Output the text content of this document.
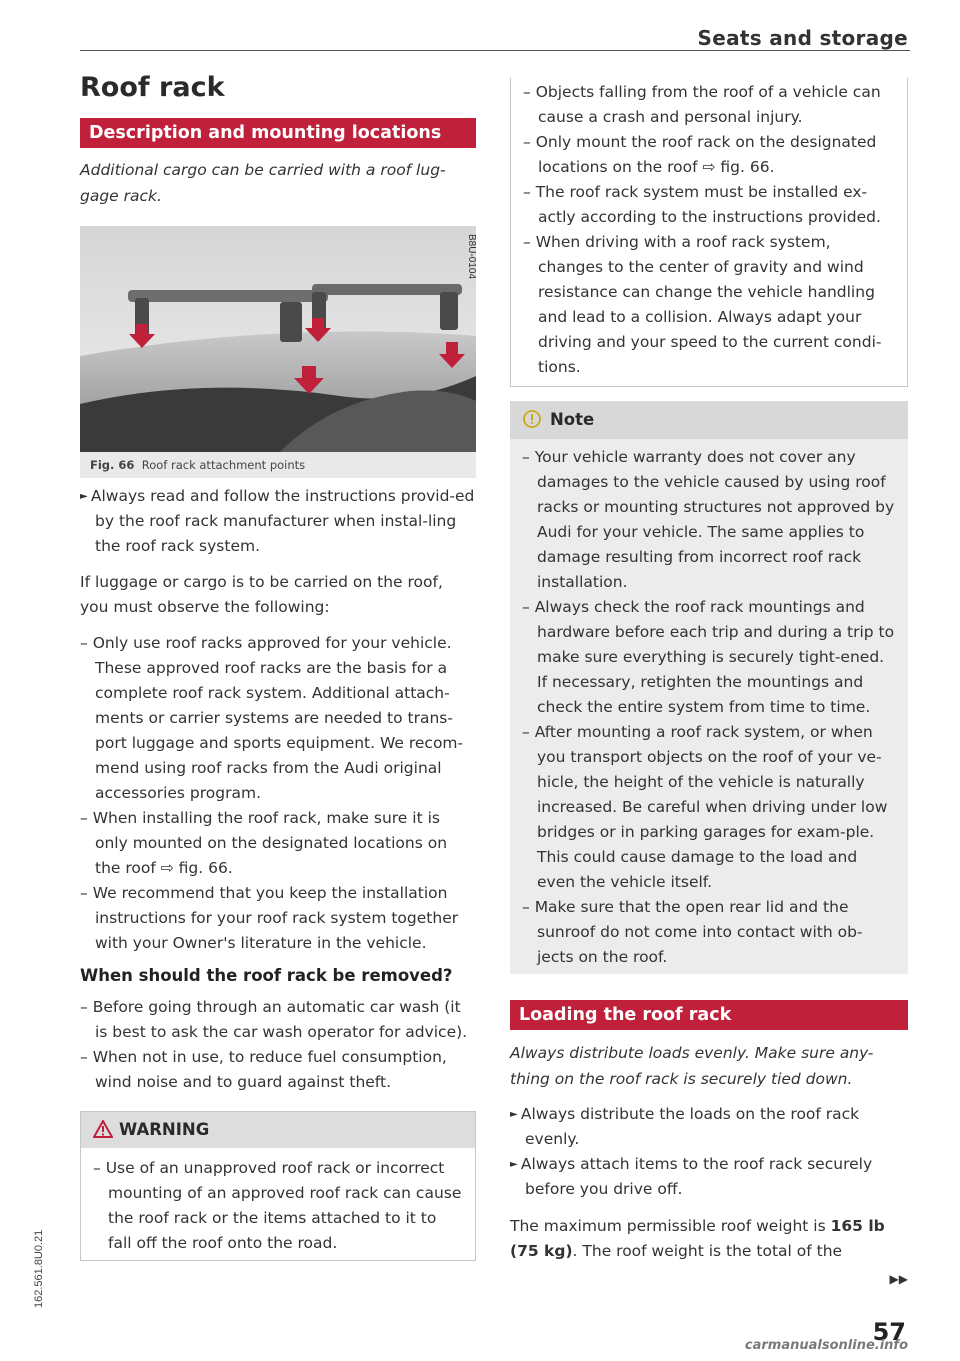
Seats and storage
Roof rack
Description and mounting locations

Additional cargo can be carried with a roof lug-gage rack.

B8U-0104
Fig. 66 Roof rack attachment points
► Always read and follow the instructions provid-ed by the roof rack manufacturer when instal-ling the roof rack system.

If luggage or cargo is to be carried on the roof, you must observe the following:

– Only use roof racks approved for your vehicle. These approved roof racks are the basis for a complete roof rack system. Additional attach-ments or carrier systems are needed to trans-port luggage and sports equipment. We recom-mend using roof racks from the Audi original accessories program.
– When installing the roof rack, make sure it is only mounted on the designated locations on the roof ⇨ fig. 66.
– We recommend that you keep the installation instructions for your roof rack system together with your Owner's literature in the vehicle.
When should the roof rack be removed?
– Before going through an automatic car wash (it is best to ask the car wash operator for advice).
– When not in use, to reduce fuel consumption, wind noise and to guard against theft.
WARNING
– Use of an unapproved roof rack or incorrect mounting of an approved roof rack can cause the roof rack or the items attached to it to fall off the roof onto the road.
– Objects falling from the roof of a vehicle can cause a crash and personal injury.
– Only mount the roof rack on the designated locations on the roof ⇨ fig. 66.
– The roof rack system must be installed ex-actly according to the instructions provided.
– When driving with a roof rack system, changes to the center of gravity and wind resistance can change the vehicle handling and lead to a collision. Always adapt your driving and your speed to the current condi-tions.
Note
– Your vehicle warranty does not cover any damages to the vehicle caused by using roof racks or mounting structures not approved by Audi for your vehicle. The same applies to damage resulting from incorrect roof rack installation.
– Always check the roof rack mountings and hardware before each trip and during a trip to make sure everything is securely tight-ened. If necessary, retighten the mountings and check the entire system from time to time.
– After mounting a roof rack system, or when you transport objects on the roof of your ve-hicle, the height of the vehicle is naturally increased. Be careful when driving under low bridges or in parking garages for exam-ple. This could cause damage to the load and even the vehicle itself.
– Make sure that the open rear lid and the sunroof do not come into contact with ob-jects on the roof.
Loading the roof rack

Always distribute loads evenly. Make sure any-thing on the roof rack is securely tied down.

► Always distribute the loads on the roof rack evenly.
► Always attach items to the roof rack securely before you drive off.

The maximum permissible roof weight is 165 lb (75 kg). The roof weight is the total of the

▶▶
162.561.8U0.21
57
carmanualsonline.info
